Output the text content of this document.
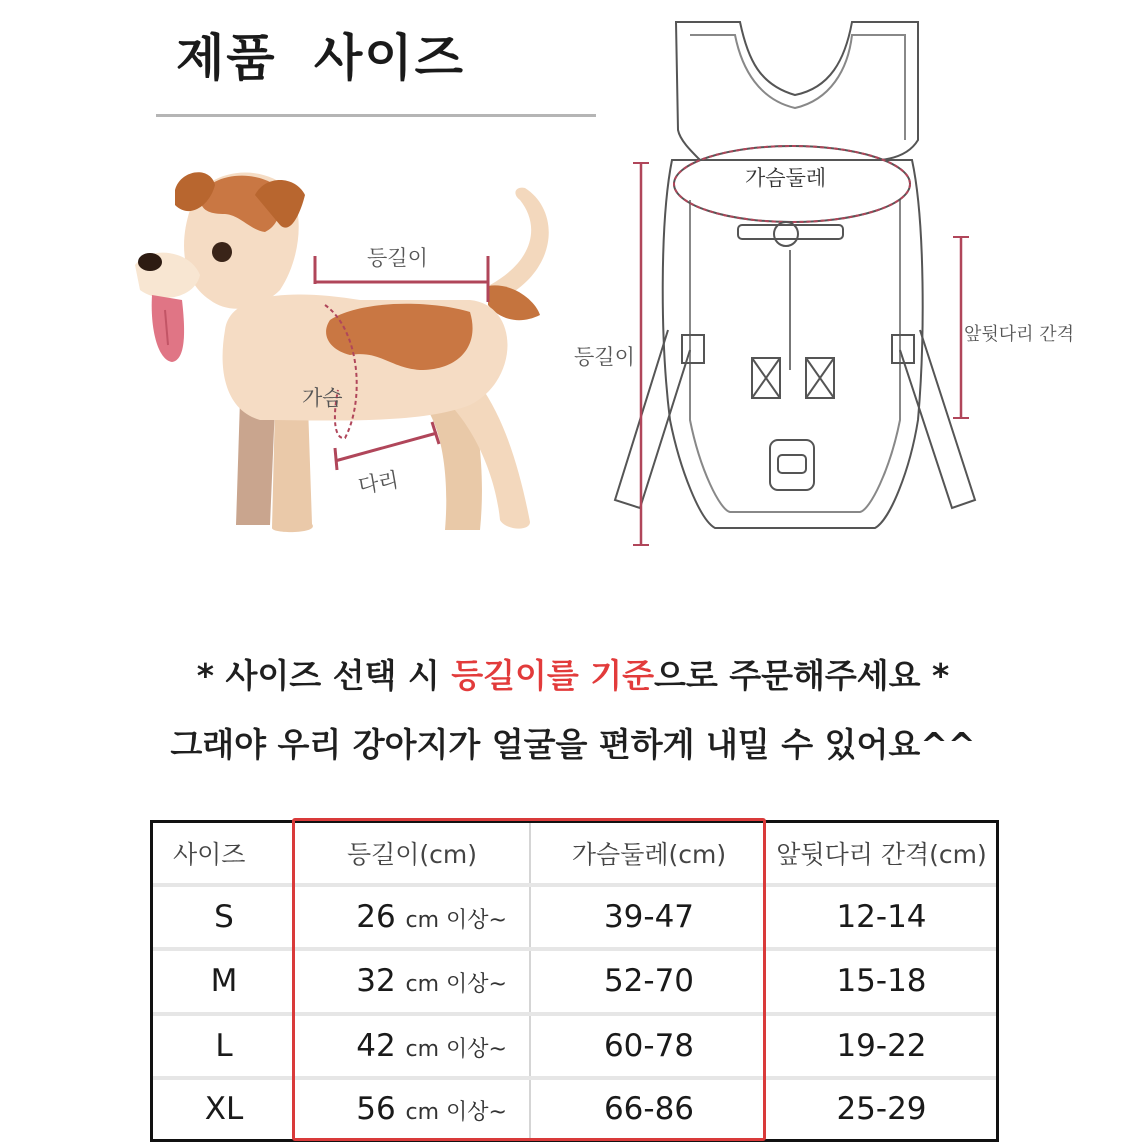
제품 사이즈
등길이
가슴
다리
가슴둘레
등길이
앞뒷다리 간격
* 사이즈 선택 시 등길이를 기준으로 주문해주세요 *
그래야 우리 강아지가 얼굴을 편하게 내밀 수 있어요^^
사이즈	등길이(cm)	가슴둘레(cm)	앞뒷다리 간격(cm)
S	26 cm 이상~	39-47	12-14
M	32 cm 이상~	52-70	15-18
L	42 cm 이상~	60-78	19-22
XL	56 cm 이상~	66-86	25-29
